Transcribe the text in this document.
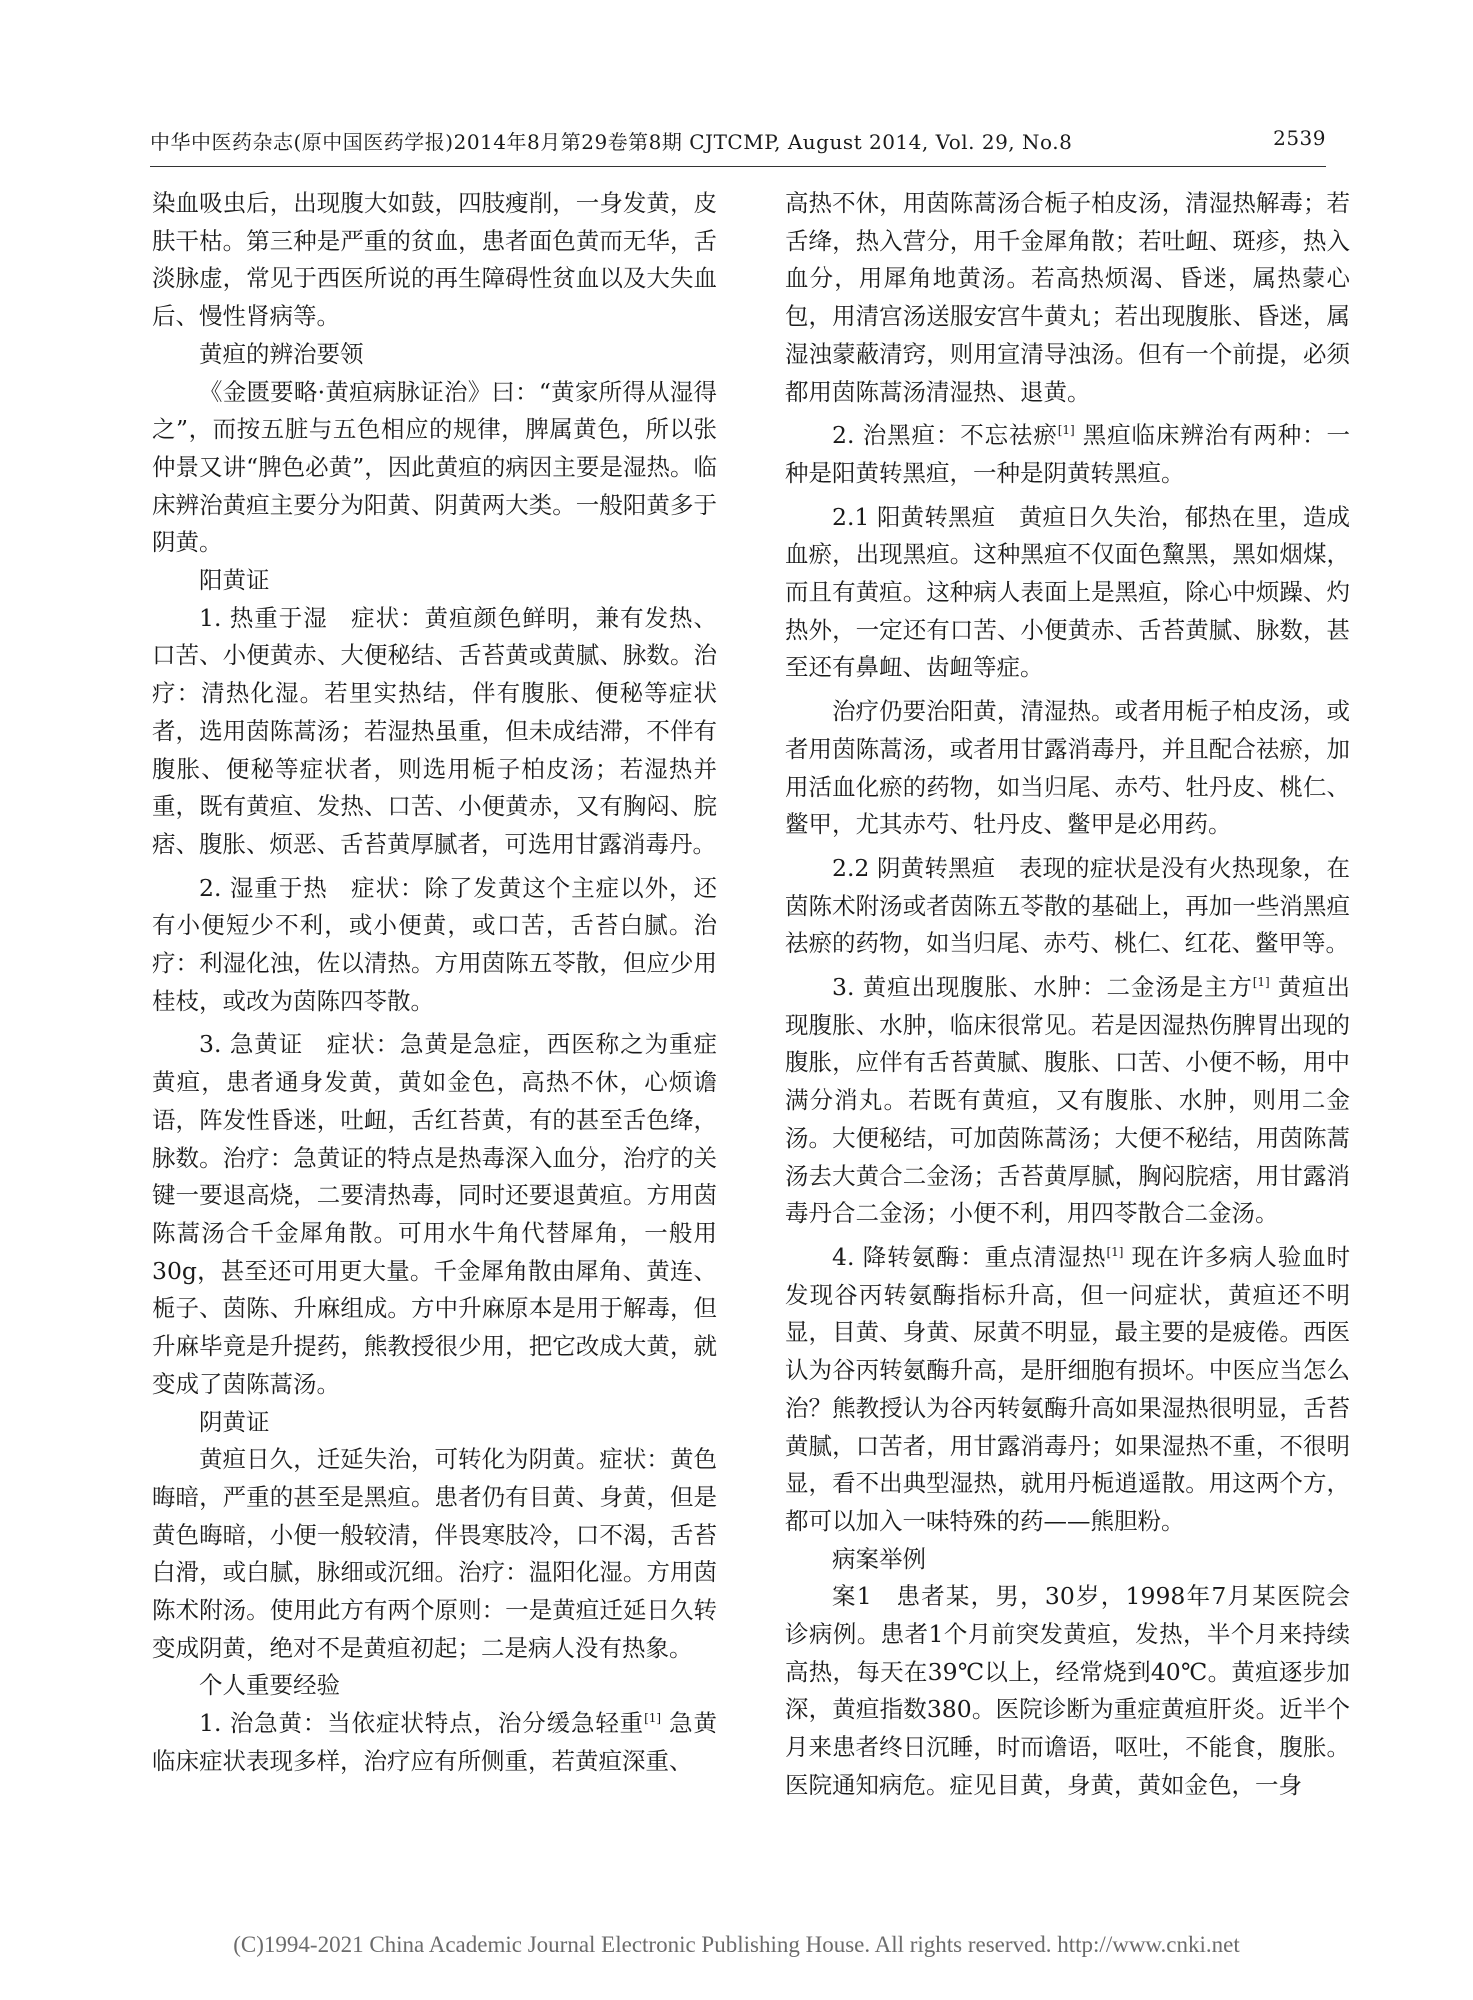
中华中医药杂志(原中国医药学报)2014年8月第29卷第8期 CJTCMP, August 2014, Vol. 29, No.8	2539

染血吸虫后，出现腹大如鼓，四肢瘦削，一身发黄，皮肤干枯。第三种是严重的贫血，患者面色黄而无华，舌淡脉虚，常见于西医所说的再生障碍性贫血以及大失血后、慢性肾病等。

黄疸的辨治要领

《金匮要略·黄疸病脉证治》曰：“黄家所得从湿得之”，而按五脏与五色相应的规律，脾属黄色，所以张仲景又讲“脾色必黄”，因此黄疸的病因主要是湿热。临床辨治黄疸主要分为阳黄、阴黄两大类。一般阳黄多于阴黄。

阳黄证

1. 热重于湿 症状：黄疸颜色鲜明，兼有发热、口苦、小便黄赤、大便秘结、舌苔黄或黄腻、脉数。治疗：清热化湿。若里实热结，伴有腹胀、便秘等症状者，选用茵陈蒿汤；若湿热虽重，但未成结滞，不伴有腹胀、便秘等症状者，则选用栀子柏皮汤；若湿热并重，既有黄疸、发热、口苦、小便黄赤，又有胸闷、脘痞、腹胀、烦恶、舌苔黄厚腻者，可选用甘露消毒丹。

2. 湿重于热 症状：除了发黄这个主症以外，还有小便短少不利，或小便黄，或口苦，舌苔白腻。治疗：利湿化浊，佐以清热。方用茵陈五苓散，但应少用桂枝，或改为茵陈四苓散。

3. 急黄证 症状：急黄是急症，西医称之为重症黄疸，患者通身发黄，黄如金色，高热不休，心烦谵语，阵发性昏迷，吐衄，舌红苔黄，有的甚至舌色绛，脉数。治疗：急黄证的特点是热毒深入血分，治疗的关键一要退高烧，二要清热毒，同时还要退黄疸。方用茵陈蒿汤合千金犀角散。可用水牛角代替犀角，一般用30g，甚至还可用更大量。千金犀角散由犀角、黄连、栀子、茵陈、升麻组成。方中升麻原本是用于解毒，但升麻毕竟是升提药，熊教授很少用，把它改成大黄，就变成了茵陈蒿汤。

阴黄证

黄疸日久，迁延失治，可转化为阴黄。症状：黄色晦暗，严重的甚至是黑疸。患者仍有目黄、身黄，但是黄色晦暗，小便一般较清，伴畏寒肢冷，口不渴，舌苔白滑，或白腻，脉细或沉细。治疗：温阳化湿。方用茵陈术附汤。使用此方有两个原则：一是黄疸迁延日久转变成阴黄，绝对不是黄疸初起；二是病人没有热象。

个人重要经验

1. 治急黄：当依症状特点，治分缓急轻重[1] 急黄临床症状表现多样，治疗应有所侧重，若黄疸深重、

高热不休，用茵陈蒿汤合栀子柏皮汤，清湿热解毒；若舌绛，热入营分，用千金犀角散；若吐衄、斑疹，热入血分，用犀角地黄汤。若高热烦渴、昏迷，属热蒙心包，用清宫汤送服安宫牛黄丸；若出现腹胀、昏迷，属湿浊蒙蔽清窍，则用宣清导浊汤。但有一个前提，必须都用茵陈蒿汤清湿热、退黄。

2. 治黑疸：不忘祛瘀[1] 黑疸临床辨治有两种：一种是阳黄转黑疸，一种是阴黄转黑疸。

2.1 阳黄转黑疸 黄疸日久失治，郁热在里，造成血瘀，出现黑疸。这种黑疸不仅面色黧黑，黑如烟煤，而且有黄疸。这种病人表面上是黑疸，除心中烦躁、灼热外，一定还有口苦、小便黄赤、舌苔黄腻、脉数，甚至还有鼻衄、齿衄等症。

治疗仍要治阳黄，清湿热。或者用栀子柏皮汤，或者用茵陈蒿汤，或者用甘露消毒丹，并且配合祛瘀，加用活血化瘀的药物，如当归尾、赤芍、牡丹皮、桃仁、鳖甲，尤其赤芍、牡丹皮、鳖甲是必用药。

2.2 阴黄转黑疸 表现的症状是没有火热现象，在茵陈术附汤或者茵陈五苓散的基础上，再加一些消黑疸祛瘀的药物，如当归尾、赤芍、桃仁、红花、鳖甲等。

3. 黄疸出现腹胀、水肿：二金汤是主方[1] 黄疸出现腹胀、水肿，临床很常见。若是因湿热伤脾胃出现的腹胀，应伴有舌苔黄腻、腹胀、口苦、小便不畅，用中满分消丸。若既有黄疸，又有腹胀、水肿，则用二金汤。大便秘结，可加茵陈蒿汤；大便不秘结，用茵陈蒿汤去大黄合二金汤；舌苔黄厚腻，胸闷脘痞，用甘露消毒丹合二金汤；小便不利，用四苓散合二金汤。

4. 降转氨酶：重点清湿热[1] 现在许多病人验血时发现谷丙转氨酶指标升高，但一问症状，黄疸还不明显，目黄、身黄、尿黄不明显，最主要的是疲倦。西医认为谷丙转氨酶升高，是肝细胞有损坏。中医应当怎么治？熊教授认为谷丙转氨酶升高如果湿热很明显，舌苔黄腻，口苦者，用甘露消毒丹；如果湿热不重，不很明显，看不出典型湿热，就用丹栀逍遥散。用这两个方，都可以加入一味特殊的药——熊胆粉。

病案举例

案1 患者某，男，30岁，1998年7月某医院会诊病例。患者1个月前突发黄疸，发热，半个月来持续高热，每天在39℃以上，经常烧到40℃。黄疸逐步加深，黄疸指数380。医院诊断为重症黄疸肝炎。近半个月来患者终日沉睡，时而谵语，呕吐，不能食，腹胀。医院通知病危。症见目黄，身黄，黄如金色，一身

(C)1994-2021 China Academic Journal Electronic Publishing House. All rights reserved. http://www.cnki.net
